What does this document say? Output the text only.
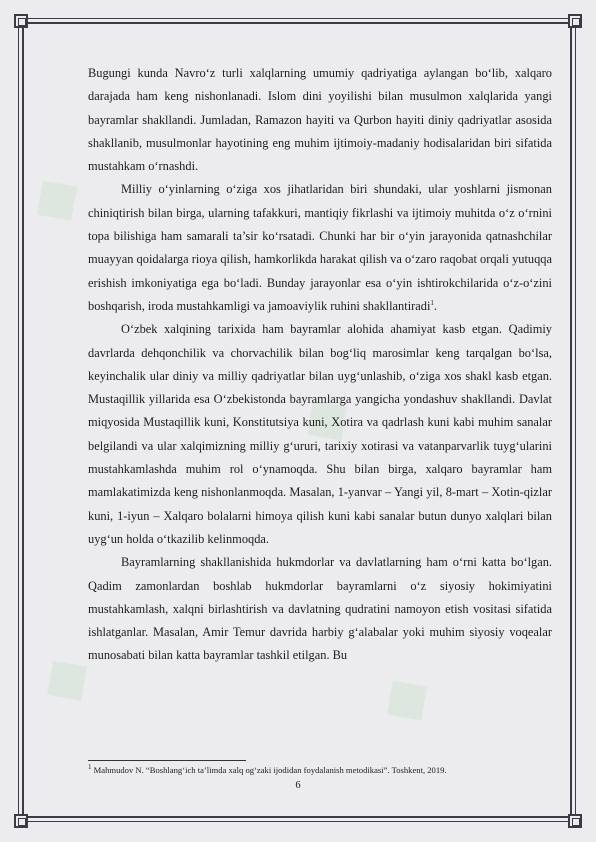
◆
◆
◆	◆

Bugungi kunda Navro‘z turli xalqlarning umumiy qadriyatiga aylangan bo‘lib, xalqaro darajada ham keng nishonlanadi. Islom dini yoyilishi bilan musulmon xalqlarida yangi bayramlar shakllandi. Jumladan, Ramazon hayiti va Qurbon hayiti diniy qadriyatlar asosida shakllanib, musulmonlar hayotining eng muhim ijtimoiy-madaniy hodisalaridan biri sifatida mustahkam o‘rnashdi.

Milliy o‘yinlarning o‘ziga xos jihatlaridan biri shundaki, ular yoshlarni jismonan chiniqtirish bilan birga, ularning tafakkuri, mantiqiy fikrlashi va ijtimoiy muhitda o‘z o‘rnini topa bilishiga ham samarali ta’sir ko‘rsatadi. Chunki har bir o‘yin jarayonida qatnashchilar muayyan qoidalarga rioya qilish, hamkorlikda harakat qilish va o‘zaro raqobat orqali yutuqqa erishish imkoniyatiga ega bo‘ladi. Bunday jarayonlar esa o‘yin ishtirokchilarida o‘z-o‘zini boshqarish, iroda mustahkamligi va jamoaviylik ruhini shakllantiradi$^1$.

O‘zbek xalqining tarixida ham bayramlar alohida ahamiyat kasb etgan. Qadimiy davrlarda dehqonchilik va chorvachilik bilan bog‘liq marosimlar keng tarqalgan bo‘lsa, keyinchalik ular diniy va milliy qadriyatlar bilan uyg‘unlashib, o‘ziga xos shakl kasb etgan. Mustaqillik yillarida esa O‘zbekistonda bayramlarga yangicha yondashuv shakllandi. Davlat miqyosida Mustaqillik kuni, Konstitutsiya kuni, Xotira va qadrlash kuni kabi muhim sanalar belgilandi va ular xalqimizning milliy g‘ururi, tarixiy xotirasi va vatanparvarlik tuyg‘ularini mustahkamlashda muhim rol o‘ynamoqda. Shu bilan birga, xalqaro bayramlar ham mamlakatimizda keng nishonlanmoqda. Masalan, 1-yanvar – Yangi yil, 8-mart – Xotin-qizlar kuni, 1-iyun – Xalqaro bolalarni himoya qilish kuni kabi sanalar butun dunyo xalqlari bilan uyg‘un holda o‘tkazilib kelinmoqda.

Bayramlarning shakllanishida hukmdorlar va davlatlarning ham o‘rni katta bo‘lgan. Qadim zamonlardan boshlab hukmdorlar bayramlarni o‘z siyosiy hokimiyatini mustahkamlash, xalqni birlashtirish va davlatning qudratini namoyon etish vositasi sifatida ishlatganlar. Masalan, Amir Temur davrida harbiy g‘alabalar yoki muhim siyosiy voqealar munosabati bilan katta bayramlar tashkil etilgan. Bu

$^1$ Mahmudov N. “Boshlang‘ich ta’limda xalq og‘zaki ijodidan foydalanish metodikasi”. Toshkent, 2019.
6
